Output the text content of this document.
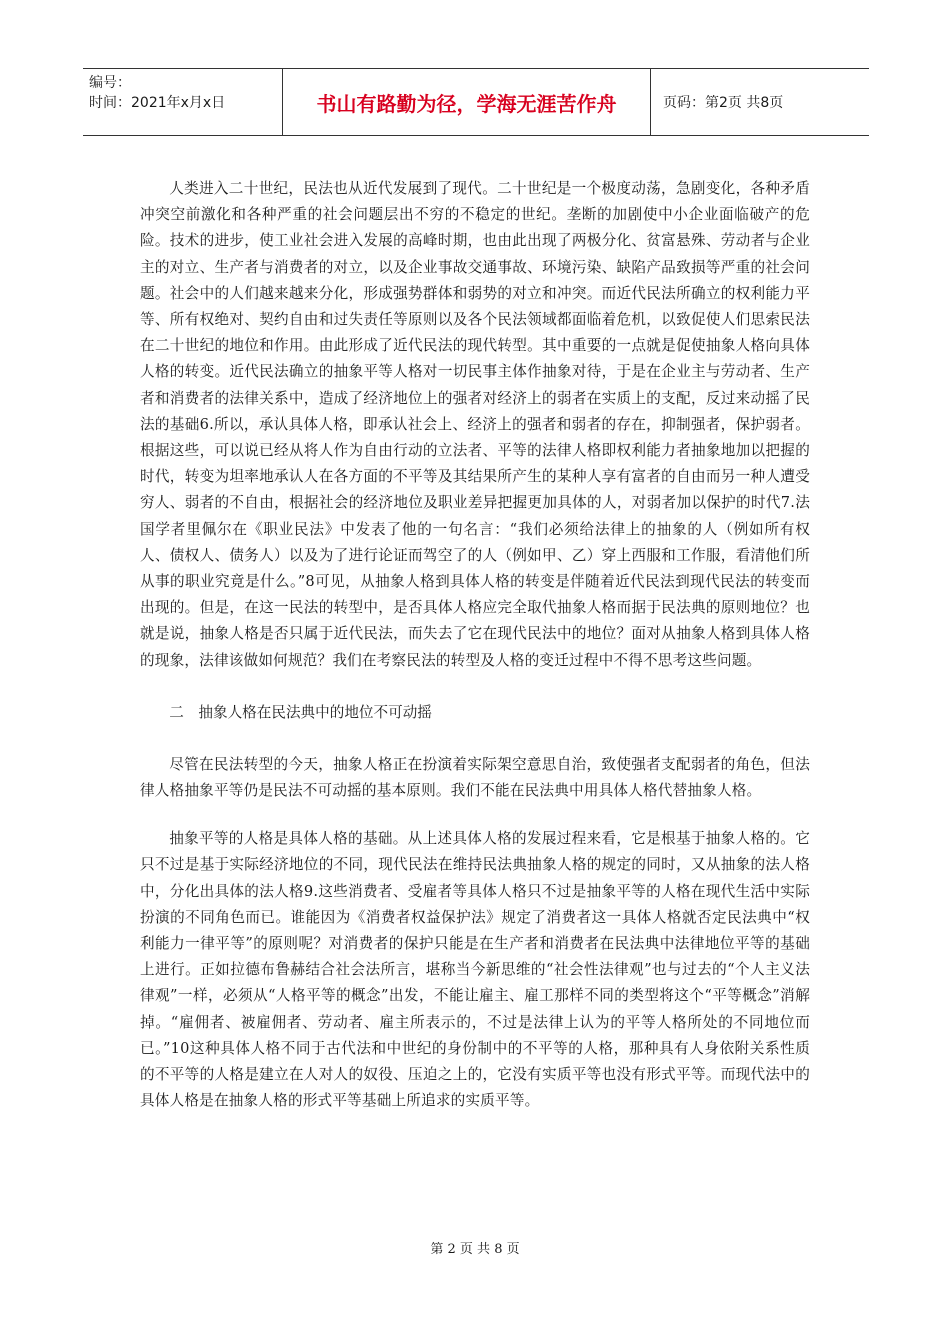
编号：
时间：2021年x月x日	书山有路勤为径，学海无涯苦作舟	页码：第2页 共8页

人类进入二十世纪，民法也从近代发展到了现代。二十世纪是一个极度动荡，急剧变化，各种矛盾冲突空前激化和各种严重的社会问题层出不穷的不稳定的世纪。垄断的加剧使中小企业面临破产的危险。技术的进步，使工业社会进入发展的高峰时期，也由此出现了两极分化、贫富悬殊、劳动者与企业主的对立、生产者与消费者的对立，以及企业事故交通事故、环境污染、缺陷产品致损等严重的社会问题。社会中的人们越来越来分化，形成强势群体和弱势的对立和冲突。而近代民法所确立的权利能力平等、所有权绝对、契约自由和过失责任等原则以及各个民法领域都面临着危机，以致促使人们思索民法在二十世纪的地位和作用。由此形成了近代民法的现代转型。其中重要的一点就是促使抽象人格向具体人格的转变。近代民法确立的抽象平等人格对一切民事主体作抽象对待，于是在企业主与劳动者、生产者和消费者的法律关系中，造成了经济地位上的强者对经济上的弱者在实质上的支配，反过来动摇了民法的基础6.所以，承认具体人格，即承认社会上、经济上的强者和弱者的存在，抑制强者，保护弱者。根据这些，可以说已经从将人作为自由行动的立法者、平等的法律人格即权利能力者抽象地加以把握的时代，转变为坦率地承认人在各方面的不平等及其结果所产生的某种人享有富者的自由而另一种人遭受穷人、弱者的不自由，根据社会的经济地位及职业差异把握更加具体的人，对弱者加以保护的时代7.法国学者里佩尔在《职业民法》中发表了他的一句名言：“我们必须给法律上的抽象的人（例如所有权人、债权人、债务人）以及为了进行论证而驾空了的人（例如甲、乙）穿上西服和工作服，看清他们所从事的职业究竟是什么。”8可见，从抽象人格到具体人格的转变是伴随着近代民法到现代民法的转变而出现的。但是，在这一民法的转型中，是否具体人格应完全取代抽象人格而据于民法典的原则地位？也就是说，抽象人格是否只属于近代民法，而失去了它在现代民法中的地位？面对从抽象人格到具体人格的现象，法律该做如何规范？我们在考察民法的转型及人格的变迁过程中不得不思考这些问题。

二　抽象人格在民法典中的地位不可动摇

尽管在民法转型的今天，抽象人格正在扮演着实际架空意思自治，致使强者支配弱者的角色，但法律人格抽象平等仍是民法不可动摇的基本原则。我们不能在民法典中用具体人格代替抽象人格。

抽象平等的人格是具体人格的基础。从上述具体人格的发展过程来看，它是根基于抽象人格的。它只不过是基于实际经济地位的不同，现代民法在维持民法典抽象人格的规定的同时，又从抽象的法人格中，分化出具体的法人格9.这些消费者、受雇者等具体人格只不过是抽象平等的人格在现代生活中实际扮演的不同角色而已。谁能因为《消费者权益保护法》规定了消费者这一具体人格就否定民法典中“权利能力一律平等”的原则呢？对消费者的保护只能是在生产者和消费者在民法典中法律地位平等的基础上进行。正如拉德布鲁赫结合社会法所言，堪称当今新思维的“社会性法律观”也与过去的“个人主义法律观”一样，必须从“人格平等的概念”出发，不能让雇主、雇工那样不同的类型将这个“平等概念”消解掉。“雇佣者、被雇佣者、劳动者、雇主所表示的，不过是法律上认为的平等人格所处的不同地位而已。”10这种具体人格不同于古代法和中世纪的身份制中的不平等的人格，那种具有人身依附关系性质的不平等的人格是建立在人对人的奴役、压迫之上的，它没有实质平等也没有形式平等。而现代法中的具体人格是在抽象人格的形式平等基础上所追求的实质平等。

第 2 页 共 8 页
